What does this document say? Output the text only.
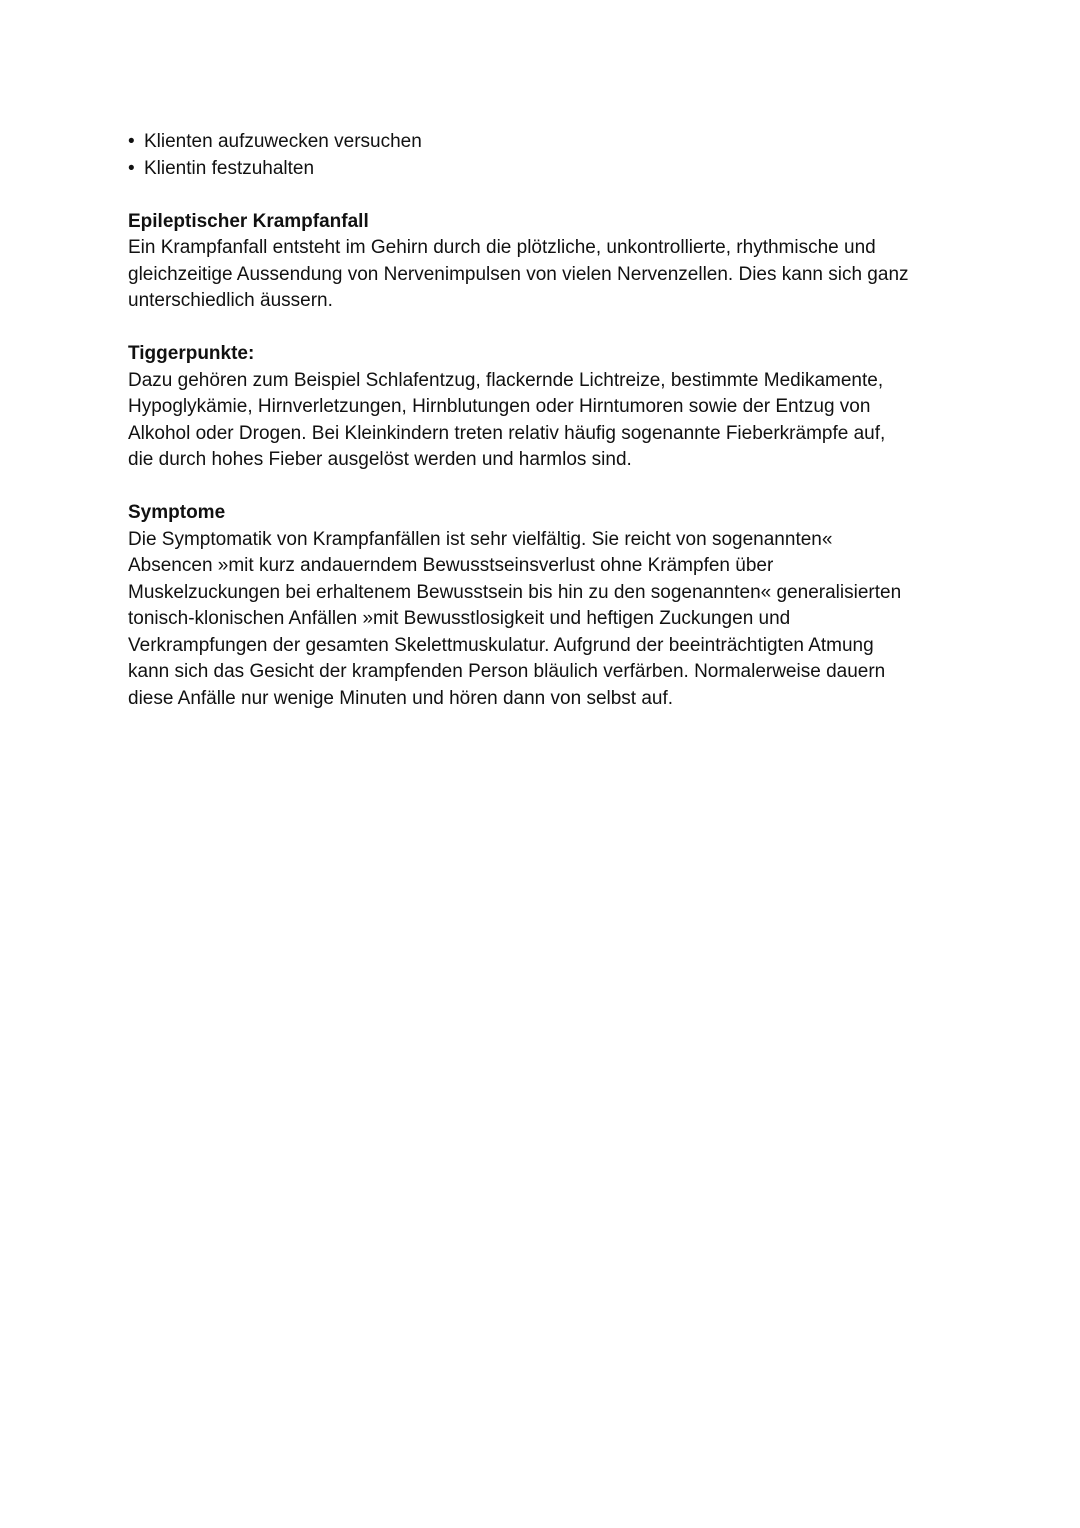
• Klienten aufzuwecken versuchen
• Klientin festzuhalten

Epileptischer Krampfanfall

Ein Krampfanfall entsteht im Gehirn durch die plötzliche, unkontrollierte, rhythmische und
gleichzeitige Aussendung von Nervenimpulsen von vielen Nervenzellen. Dies kann sich ganz
unterschiedlich äussern.

Tiggerpunkte:

Dazu gehören zum Beispiel Schlafentzug, flackernde Lichtreize, bestimmte Medikamente,
Hypoglykämie, Hirnverletzungen, Hirnblutungen oder Hirntumoren sowie der Entzug von
Alkohol oder Drogen. Bei Kleinkindern treten relativ häufig sogenannte Fieberkrämpfe auf,
die durch hohes Fieber ausgelöst werden und harmlos sind.

Symptome

Die Symptomatik von Krampfanfällen ist sehr vielfältig. Sie reicht von sogenannten«
Absencen »mit kurz andauerndem Bewusstseinsverlust ohne Krämpfen über
Muskelzuckungen bei erhaltenem Bewusstsein bis hin zu den sogenannten« generalisierten
tonisch-klonischen Anfällen »mit Bewusstlosigkeit und heftigen Zuckungen und
Verkrampfungen der gesamten Skelettmuskulatur. Aufgrund der beeinträchtigten Atmung
kann sich das Gesicht der krampfenden Person bläulich verfärben. Normalerweise dauern
diese Anfälle nur wenige Minuten und hören dann von selbst auf.
